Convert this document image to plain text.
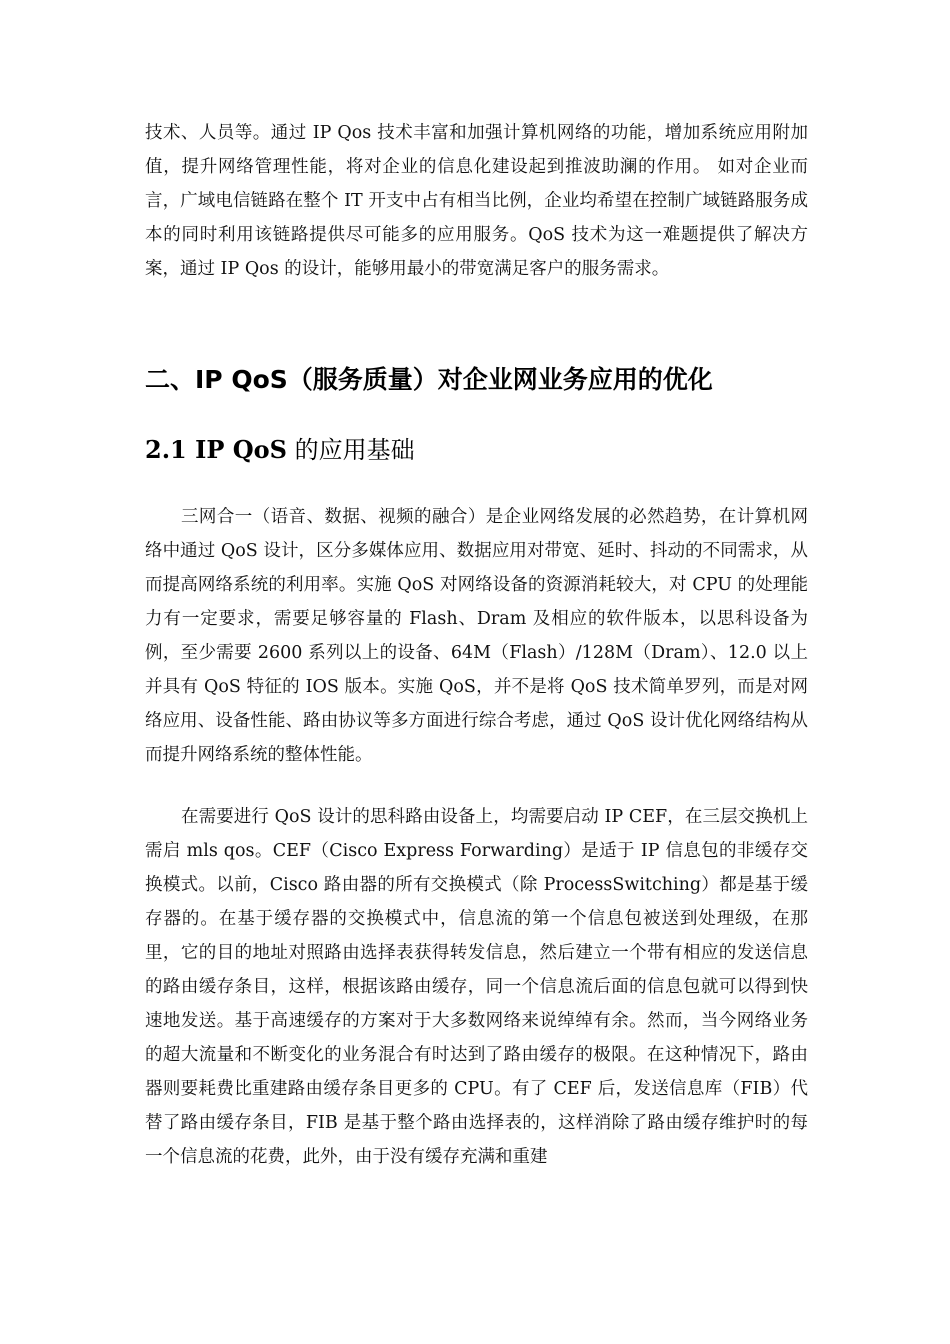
技术、人员等。通过 IP Qos 技术丰富和加强计算机网络的功能，增加系统应用附加值，提升网络管理性能，将对企业的信息化建设起到推波助澜的作用。 如对企业而言，广域电信链路在整个 IT 开支中占有相当比例，企业均希望在控制广域链路服务成本的同时利用该链路提供尽可能多的应用服务。QoS 技术为这一难题提供了解决方案，通过 IP Qos 的设计，能够用最小的带宽满足客户的服务需求。

二、IP QoS（服务质量）对企业网业务应用的优化
2.1 IP QoS 的应用基础

三网合一（语音、数据、视频的融合）是企业网络发展的必然趋势，在计算机网络中通过 QoS 设计，区分多媒体应用、数据应用对带宽、延时、抖动的不同需求，从而提高网络系统的利用率。实施 QoS 对网络设备的资源消耗较大，对 CPU 的处理能力有一定要求，需要足够容量的 Flash、Dram 及相应的软件版本，以思科设备为例，至少需要 2600 系列以上的设备、64M（Flash）/128M（Dram）、12.0 以上并具有 QoS 特征的 IOS 版本。实施 QoS，并不是将 QoS 技术简单罗列，而是对网络应用、设备性能、路由协议等多方面进行综合考虑，通过 QoS 设计优化网络结构从而提升网络系统的整体性能。

在需要进行 QoS 设计的思科路由设备上，均需要启动 IP CEF，在三层交换机上需启 mls qos。CEF（Cisco Express Forwarding）是适于 IP 信息包的非缓存交换模式。以前，Cisco 路由器的所有交换模式（除 ProcessSwitching）都是基于缓存器的。在基于缓存器的交换模式中，信息流的第一个信息包被送到处理级，在那里，它的目的地址对照路由选择表获得转发信息，然后建立一个带有相应的发送信息的路由缓存条目，这样，根据该路由缓存，同一个信息流后面的信息包就可以得到快速地发送。基于高速缓存的方案对于大多数网络来说绰绰有余。然而，当今网络业务的超大流量和不断变化的业务混合有时达到了路由缓存的极限。在这种情况下，路由器则要耗费比重建路由缓存条目更多的 CPU。有了 CEF 后，发送信息库（FIB）代替了路由缓存条目，FIB 是基于整个路由选择表的，这样消除了路由缓存维护时的每一个信息流的花费，此外，由于没有缓存充满和重建
